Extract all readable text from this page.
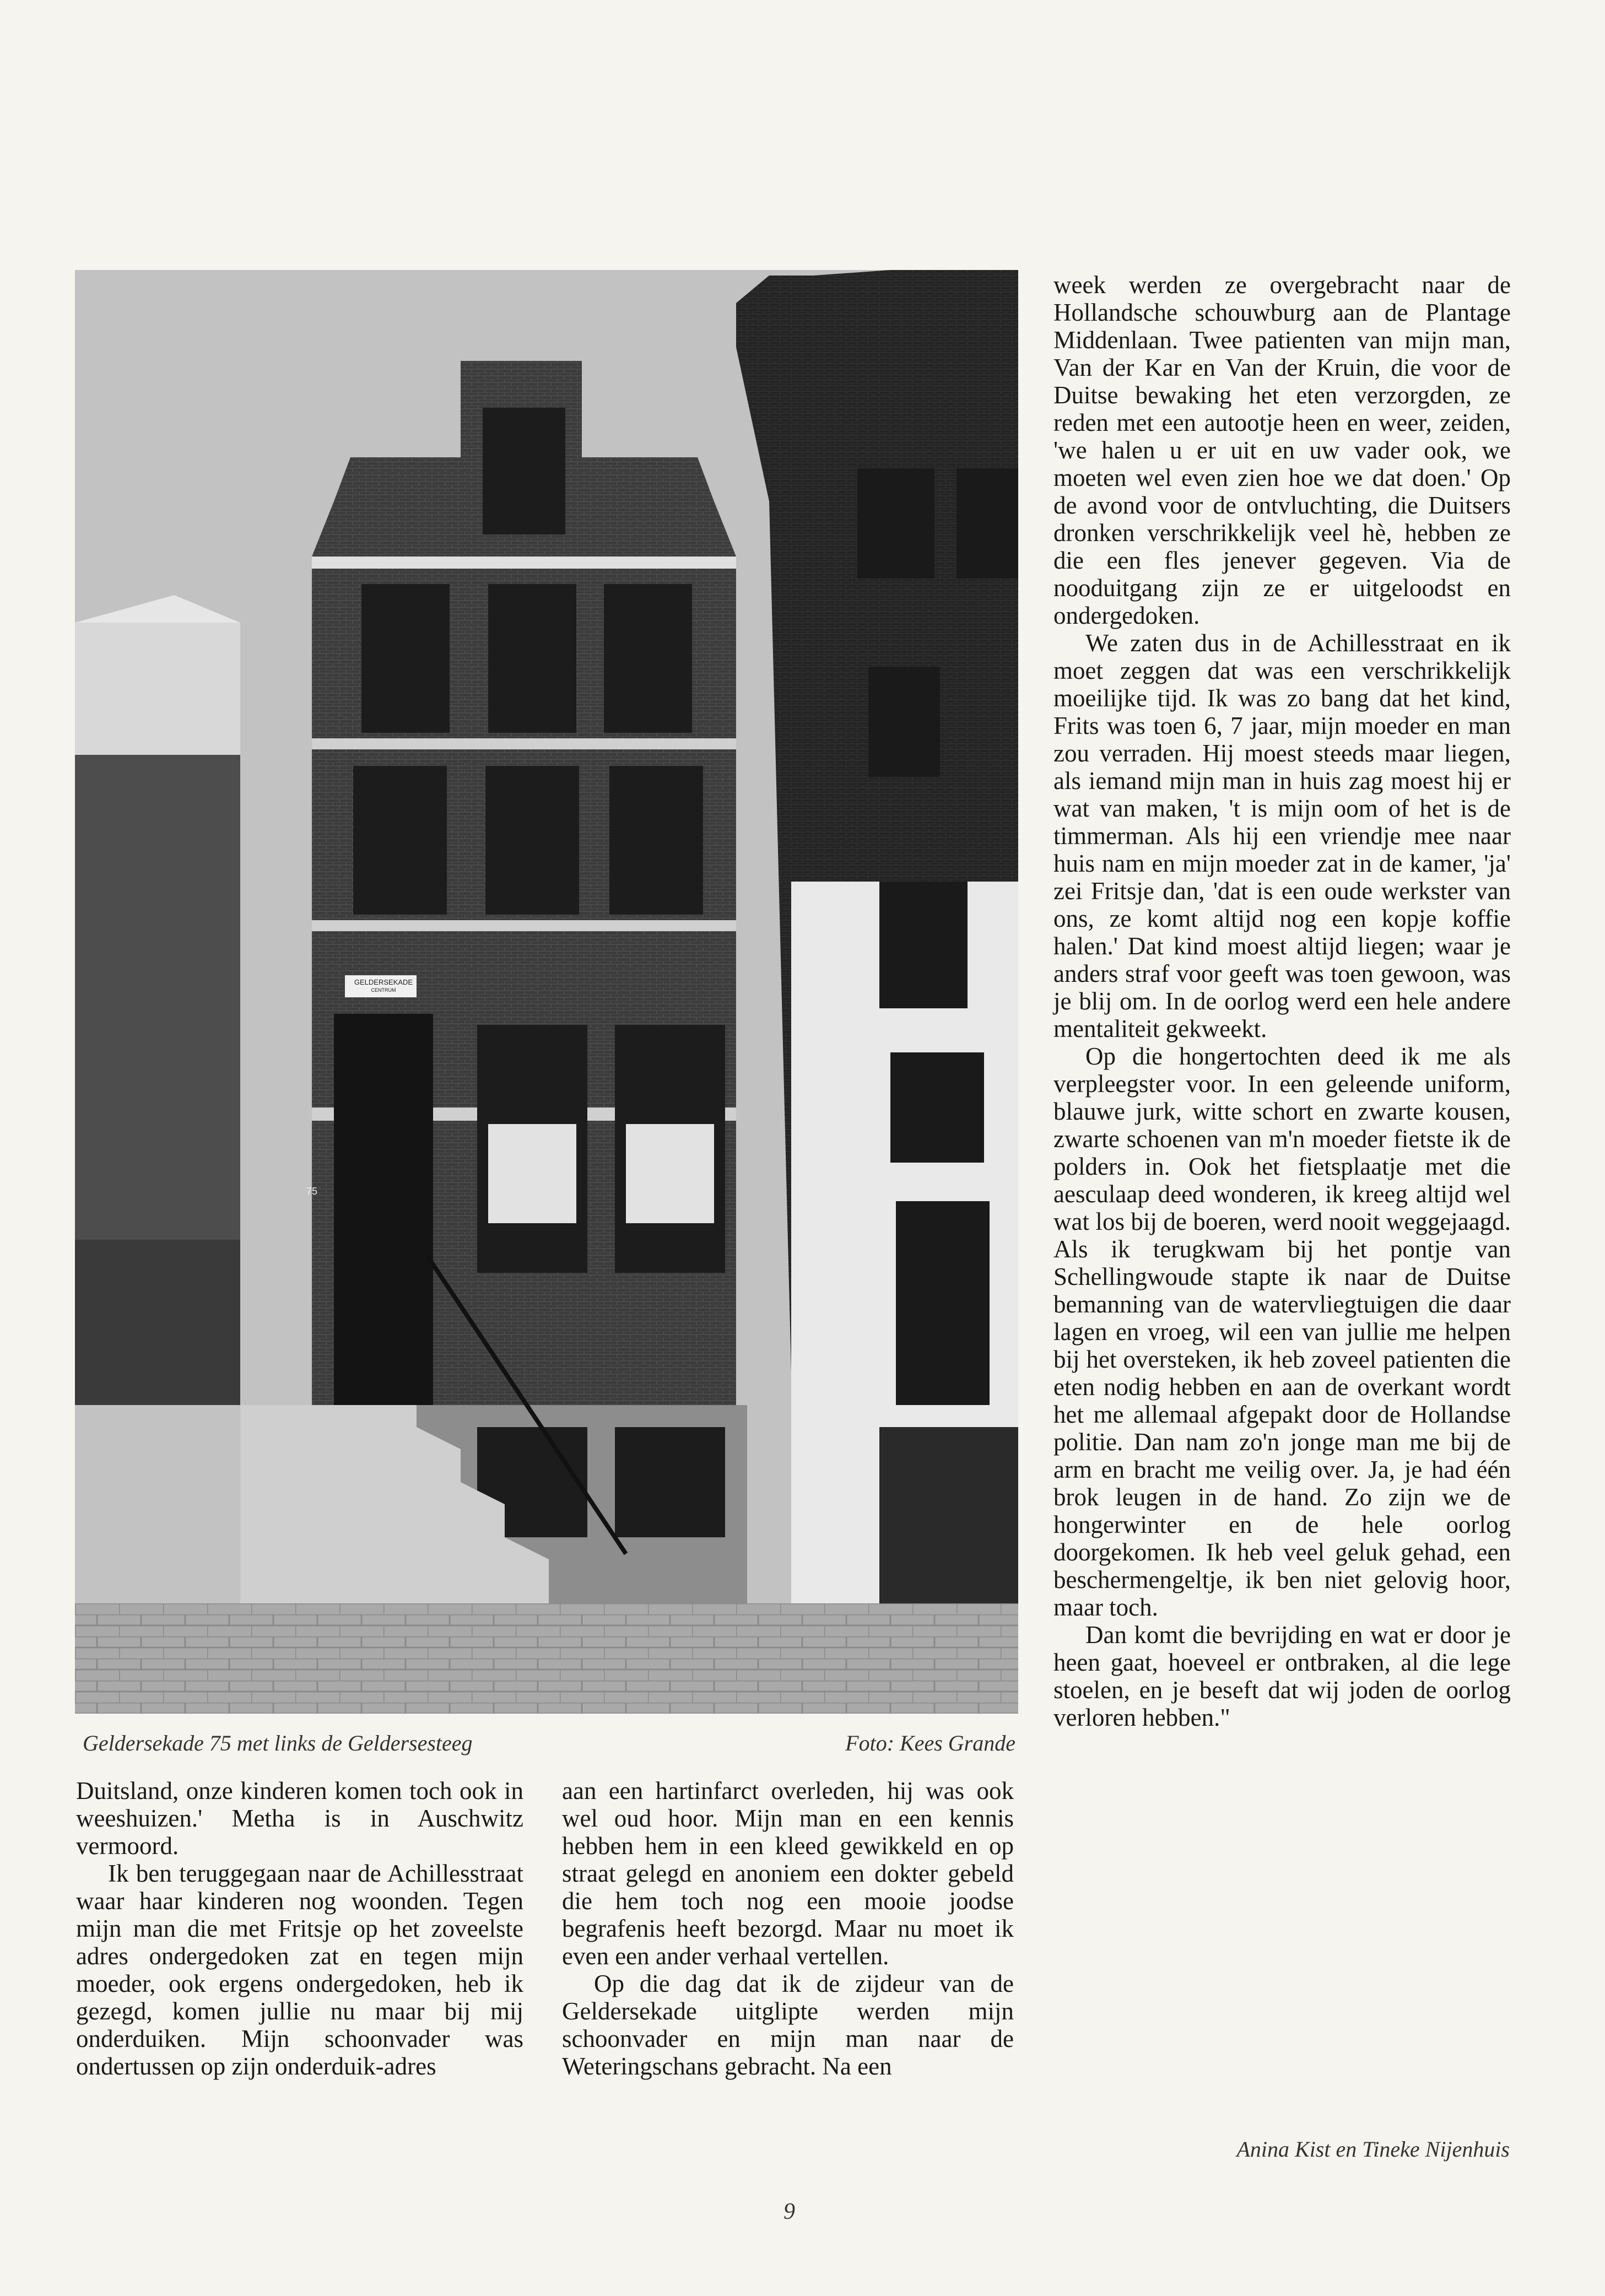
Geldersekade 75 met links de Geldersesteeg	Foto: Kees Grande

Duitsland, onze kinderen komen toch ook in weeshuizen.' Metha is in Auschwitz vermoord.

Ik ben teruggegaan naar de Achillesstraat waar haar kinderen nog woonden. Tegen mijn man die met Fritsje op het zoveelste adres ondergedoken zat en tegen mijn moeder, ook ergens ondergedoken, heb ik gezegd, komen jullie nu maar bij mij onderduiken. Mijn schoonvader was ondertussen op zijn onderduik-adres

aan een hartinfarct overleden, hij was ook wel oud hoor. Mijn man en een kennis hebben hem in een kleed gewikkeld en op straat gelegd en anoniem een dokter gebeld die hem toch nog een mooie joodse begrafenis heeft bezorgd. Maar nu moet ik even een ander verhaal vertellen.

Op die dag dat ik de zijdeur van de Geldersekade uitglipte werden mijn schoonvader en mijn man naar de Weteringschans gebracht. Na een

week werden ze overgebracht naar de Hollandsche schouwburg aan de Plantage Middenlaan. Twee patienten van mijn man, Van der Kar en Van der Kruin, die voor de Duitse bewaking het eten verzorgden, ze reden met een autootje heen en weer, zeiden, 'we halen u er uit en uw vader ook, we moeten wel even zien hoe we dat doen.' Op de avond voor de ontvluchting, die Duitsers dronken verschrikkelijk veel hè, hebben ze die een fles jenever gegeven. Via de nooduitgang zijn ze er uitgeloodst en ondergedoken.

We zaten dus in de Achillesstraat en ik moet zeggen dat was een verschrikkelijk moeilijke tijd. Ik was zo bang dat het kind, Frits was toen 6, 7 jaar, mijn moeder en man zou verraden. Hij moest steeds maar liegen, als iemand mijn man in huis zag moest hij er wat van maken, 't is mijn oom of het is de timmerman. Als hij een vriendje mee naar huis nam en mijn moeder zat in de kamer, 'ja' zei Fritsje dan, 'dat is een oude werkster van ons, ze komt altijd nog een kopje koffie halen.' Dat kind moest altijd liegen; waar je anders straf voor geeft was toen gewoon, was je blij om. In de oorlog werd een hele andere mentaliteit gekweekt.

Op die hongertochten deed ik me als verpleegster voor. In een geleende uniform, blauwe jurk, witte schort en zwarte kousen, zwarte schoenen van m'n moeder fietste ik de polders in. Ook het fietsplaatje met die aesculaap deed wonderen, ik kreeg altijd wel wat los bij de boeren, werd nooit weggejaagd. Als ik terugkwam bij het pontje van Schellingwoude stapte ik naar de Duitse bemanning van de watervliegtuigen die daar lagen en vroeg, wil een van jullie me helpen bij het oversteken, ik heb zoveel patienten die eten nodig hebben en aan de overkant wordt het me allemaal afgepakt door de Hollandse politie. Dan nam zo'n jonge man me bij de arm en bracht me veilig over. Ja, je had één brok leugen in de hand. Zo zijn we de hongerwinter en de hele oorlog doorgekomen. Ik heb veel geluk gehad, een beschermengeltje, ik ben niet gelovig hoor, maar toch.

Dan komt die bevrijding en wat er door je heen gaat, hoeveel er ontbraken, al die lege stoelen, en je beseft dat wij joden de oorlog verloren hebben."

Anina Kist en Tineke Nijenhuis
9
GELDERSEKADE
CENTRUM
75
